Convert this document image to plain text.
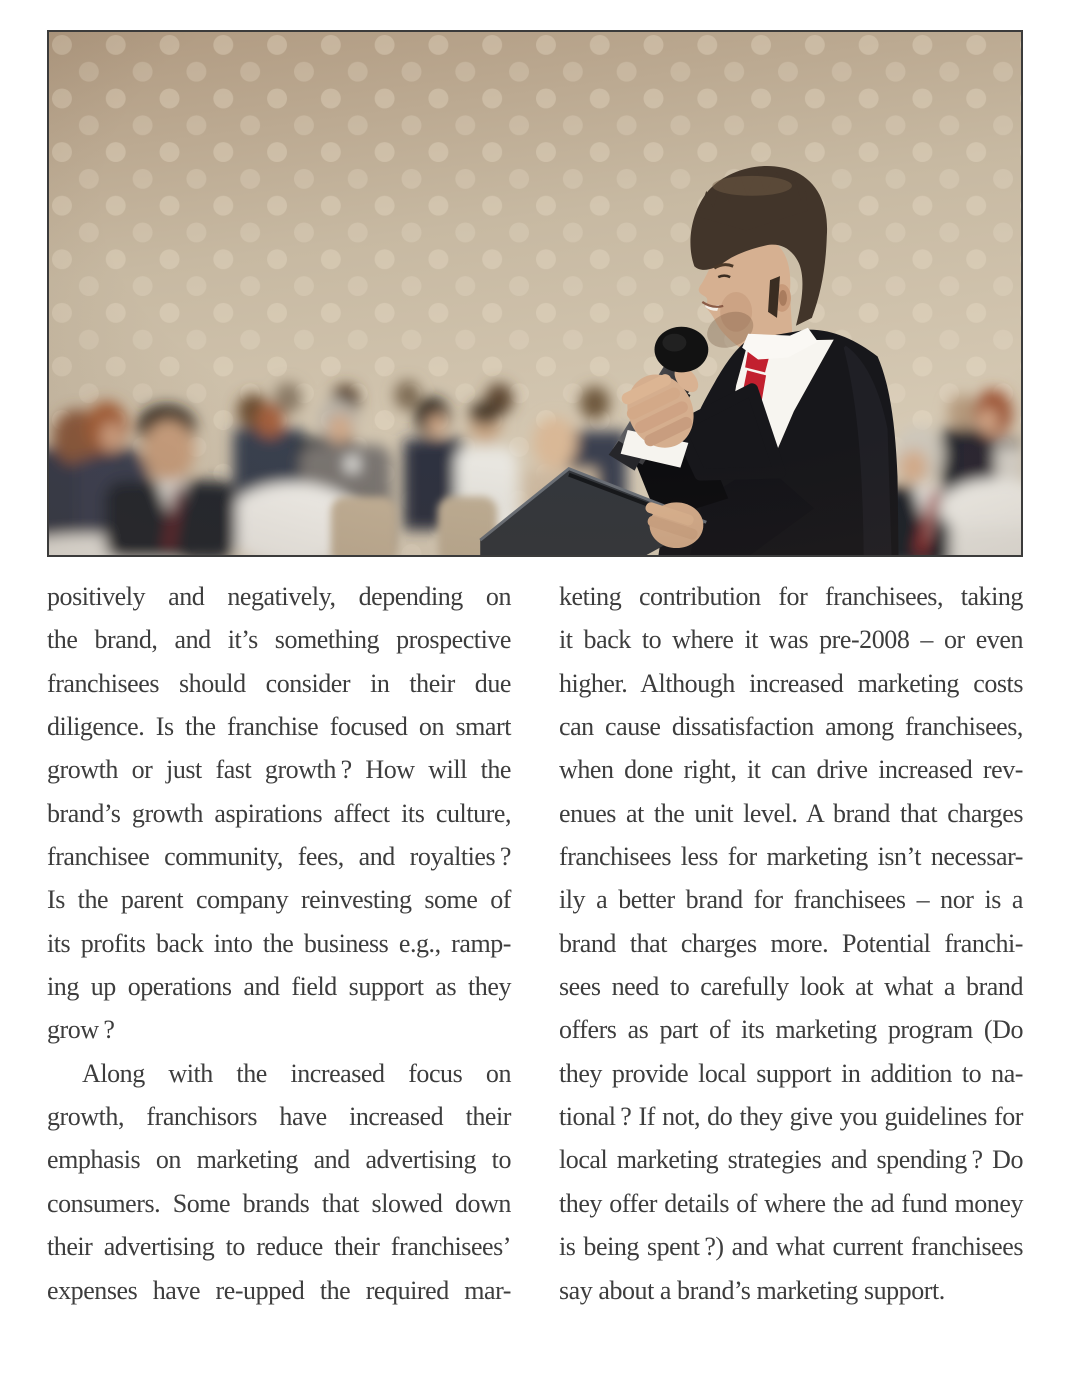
positively and negatively, depending on
the brand, and it’s something prospective
franchisees should consider in their due
diligence. Is the franchise focused on smart
growth or just fast growth ? How will the
brand’s growth aspirations affect its culture,
franchisee community, fees, and royalties ?
Is the parent company reinvesting some of
its profits back into the business e.g., ramp-
ing up operations and field support as they
grow ?
Along with the increased focus on
growth, franchisors have increased their
emphasis on marketing and advertising to
consumers. Some brands that slowed down
their advertising to reduce their franchisees’
expenses have re-upped the required mar-
keting contribution for franchisees, taking
it back to where it was pre-2008 – or even
higher. Although increased marketing costs
can cause dissatisfaction among franchisees,
when done right, it can drive increased rev-
enues at the unit level. A brand that charges
franchisees less for marketing isn’t necessar-
ily a better brand for franchisees – nor is a
brand that charges more. Potential franchi-
sees need to carefully look at what a brand
offers as part of its marketing program (Do
they provide local support in addition to na-
tional ? If not, do they give you guidelines for
local marketing strategies and spending ? Do
they offer details of where the ad fund money
is being spent ?) and what current franchisees
say about a brand’s marketing support.
